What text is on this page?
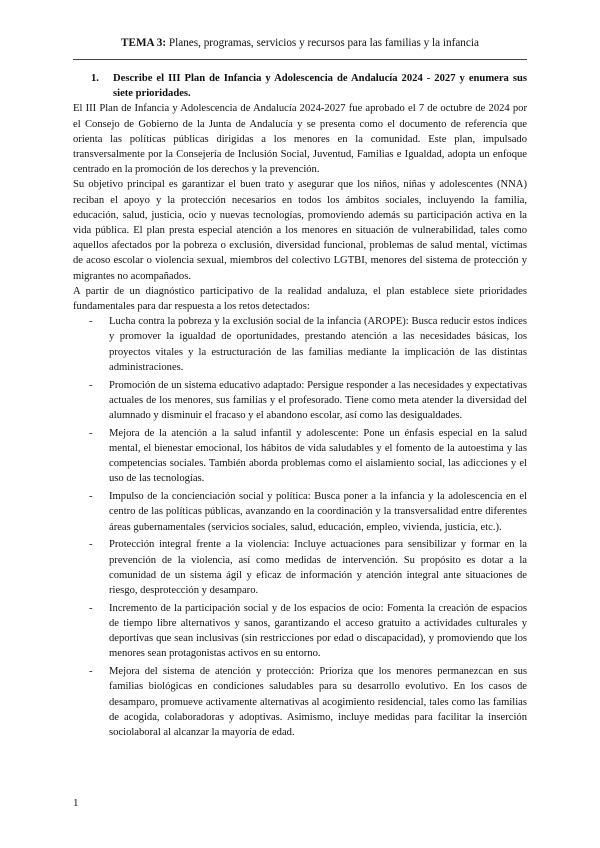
TEMA 3: Planes, programas, servicios y recursos para las familias y la infancia
1.	Describe el III Plan de Infancia y Adolescencia de Andalucía 2024 - 2027 y enumera sus siete prioridades.

El III Plan de Infancia y Adolescencia de Andalucía 2024-2027 fue aprobado el 7 de octubre de 2024 por el Consejo de Gobierno de la Junta de Andalucía y se presenta como el documento de referencia que orienta las políticas públicas dirigidas a los menores en la comunidad. Este plan, impulsado transversalmente por la Consejería de Inclusión Social, Juventud, Familias e Igualdad, adopta un enfoque centrado en la promoción de los derechos y la prevención.

Su objetivo principal es garantizar el buen trato y asegurar que los niños, niñas y adolescentes (NNA) reciban el apoyo y la protección necesarios en todos los ámbitos sociales, incluyendo la familia, educación, salud, justicia, ocio y nuevas tecnologías, promoviendo además su participación activa en la vida pública. El plan presta especial atención a los menores en situación de vulnerabilidad, tales como aquellos afectados por la pobreza o exclusión, diversidad funcional, problemas de salud mental, víctimas de acoso escolar o violencia sexual, miembros del colectivo LGTBI, menores del sistema de protección y migrantes no acompañados.

A partir de un diagnóstico participativo de la realidad andaluza, el plan establece siete prioridades fundamentales para dar respuesta a los retos detectados:

-	Lucha contra la pobreza y la exclusión social de la infancia (AROPE): Busca reducir estos índices y promover la igualdad de oportunidades, prestando atención a las necesidades básicas, los proyectos vitales y la estructuración de las familias mediante la implicación de las distintas administraciones.
-	Promoción de un sistema educativo adaptado: Persigue responder a las necesidades y expectativas actuales de los menores, sus familias y el profesorado. Tiene como meta atender la diversidad del alumnado y disminuir el fracaso y el abandono escolar, así como las desigualdades.
-	Mejora de la atención a la salud infantil y adolescente: Pone un énfasis especial en la salud mental, el bienestar emocional, los hábitos de vida saludables y el fomento de la autoestima y las competencias sociales. También aborda problemas como el aislamiento social, las adicciones y el uso de las tecnologías.
-	Impulso de la concienciación social y política: Busca poner a la infancia y la adolescencia en el centro de las políticas públicas, avanzando en la coordinación y la transversalidad entre diferentes áreas gubernamentales (servicios sociales, salud, educación, empleo, vivienda, justicia, etc.).
-	Protección integral frente a la violencia: Incluye actuaciones para sensibilizar y formar en la prevención de la violencia, así como medidas de intervención. Su propósito es dotar a la comunidad de un sistema ágil y eficaz de información y atención integral ante situaciones de riesgo, desprotección y desamparo.
-	Incremento de la participación social y de los espacios de ocio: Fomenta la creación de espacios de tiempo libre alternativos y sanos, garantizando el acceso gratuito a actividades culturales y deportivas que sean inclusivas (sin restricciones por edad o discapacidad), y promoviendo que los menores sean protagonistas activos en su entorno.
-	Mejora del sistema de atención y protección: Prioriza que los menores permanezcan en sus familias biológicas en condiciones saludables para su desarrollo evolutivo. En los casos de desamparo, promueve activamente alternativas al acogimiento residencial, tales como las familias de acogida, colaboradoras y adoptivas. Asimismo, incluye medidas para facilitar la inserción sociolaboral al alcanzar la mayoría de edad.
1
